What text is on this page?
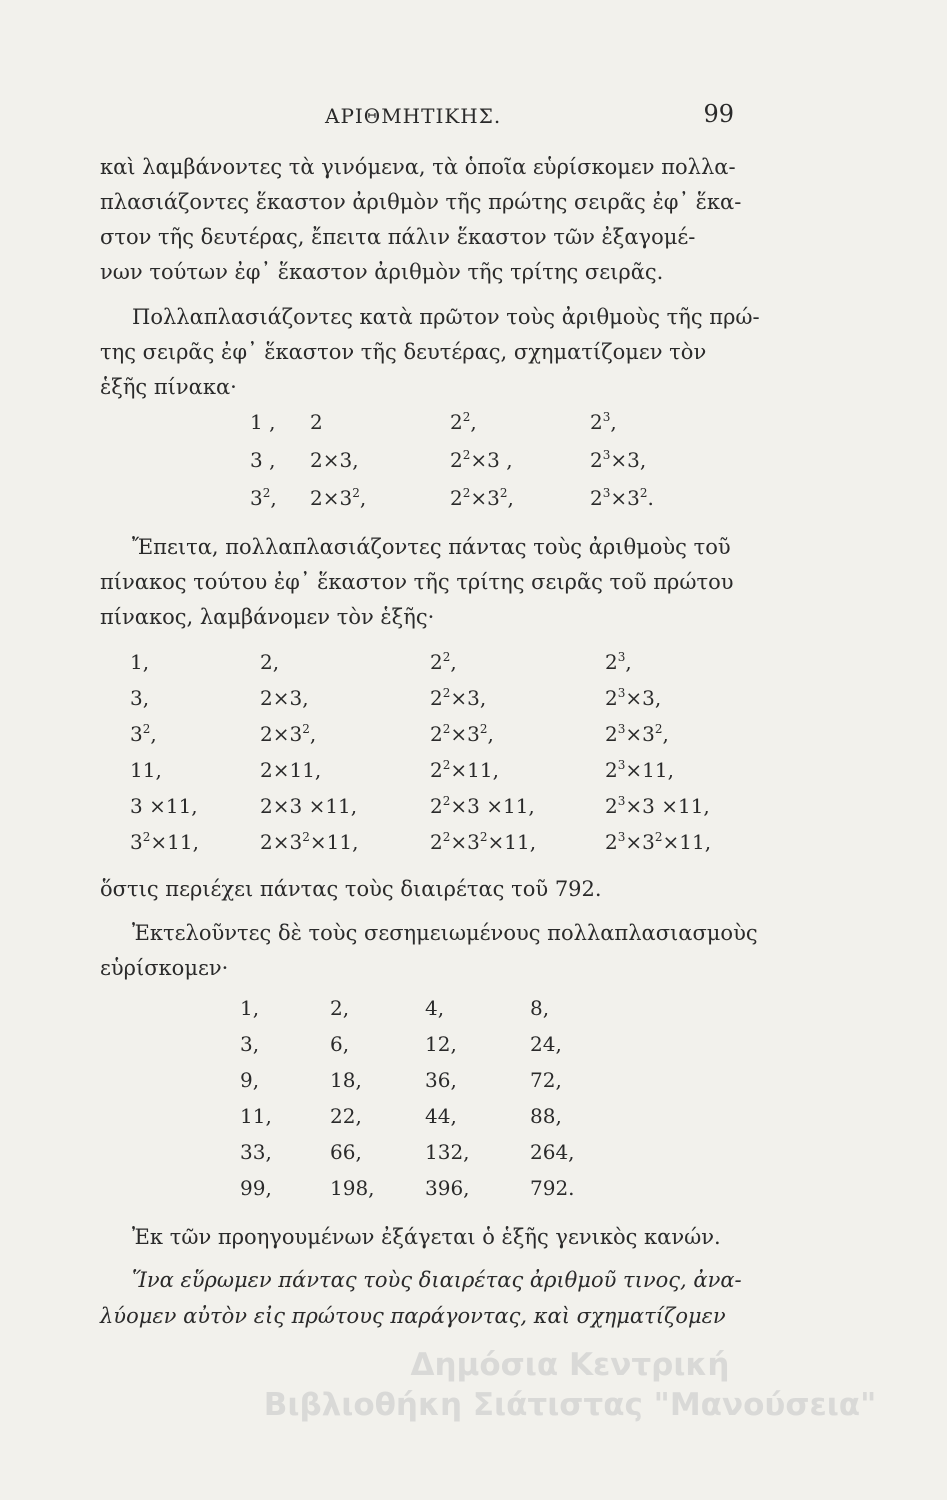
ΑΡΙΘΜΗΤΙΚΗΣ.	99
καὶ λαμβάνοντες τὰ γινόμενα, τὰ ὁποῖα εὑρίσκομεν πολλα-
πλασιάζοντες ἕκαστον ἀριθμὸν τῆς πρώτης σειρᾶς ἐφ᾽ ἕκα-
στον τῆς δευτέρας, ἔπειτα πάλιν ἕκαστον τῶν ἐξαγομέ-
νων τούτων ἐφ᾽ ἕκαστον ἀριθμὸν τῆς τρίτης σειρᾶς.
Πολλαπλασιάζοντες κατὰ πρῶτον τοὺς ἀριθμοὺς τῆς πρώ-
της σειρᾶς ἐφ᾽ ἕκαστον τῆς δευτέρας, σχηματίζομεν τὸν
ἑξῆς πίνακα·
1 , 2	$2^2$,	$2^3$,
3 , 2×3,	$2^2\times 3$ ,	$2^3\times 3$,
$3^2$, $2\times 3^2$,	$2^2\times 3^2$,	$2^3\times 3^2$.
Ἔπειτα, πολλαπλασιάζοντες πάντας τοὺς ἀριθμοὺς τοῦ
πίνακος τούτου ἐφ᾽ ἕκαστον τῆς τρίτης σειρᾶς τοῦ πρώτου
πίνακος, λαμβάνομεν τὸν ἑξῆς·
1,	2,	$2^2$,	$2^3$,
3,	2×3,	$2^2\times 3$,	$2^3\times 3$,
$3^2$,	$2\times 3^2$,	$2^2\times 3^2$,	$2^3\times 3^2$,
11,	2×11,	$2^2\times 11$,	$2^3\times 11$,
3 ×11,	2×3 ×11,	$2^2\times 3 \times 11$,	$2^3\times 3 \times 11$,
$3^2\times 11$,	$2\times 3^2\times 11$,	$2^2\times 3^2\times 11$,	$2^3\times 3^2\times 11$,
ὅστις περιέχει πάντας τοὺς διαιρέτας τοῦ 792.
Ἐκτελοῦντες δὲ τοὺς σεσημειωμένους πολλαπλασιασμοὺς
εὑρίσκομεν·
1,	2,	4,	8,
3,	6,	12,	24,
9,	18,	36,	72,
11,	22,	44,	88,
33,	66,	132,	264,
99,	198,	396,	792.
Ἐκ τῶν προηγουμένων ἐξάγεται ὁ ἑξῆς γενικὸς κανών.
Ἵνα εὕρωμεν πάντας τοὺς διαιρέτας ἀριθμοῦ τινος, ἀνα-
λύομεν αὐτὸν εἰς πρώτους παράγοντας, καὶ σχηματίζομεν
Δημόσια Κεντρική
Βιβλιοθήκη Σιάτιστας "Μανούσεια"
